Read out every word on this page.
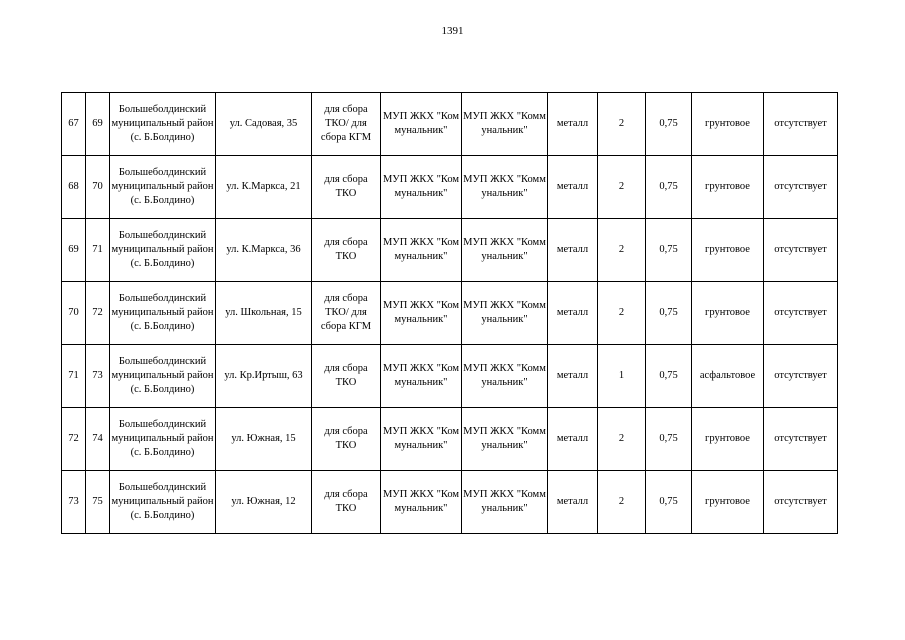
1391
67	69	Большеболдинский муниципальный район (с. Б.Болдино)	ул. Садовая, 35	для сбора ТКО/ для сбора КГМ	МУП ЖКХ "Коммунальник"	МУП ЖКХ "Коммунальник"	металл	2	0,75	грунтовое	отсутствует
68	70	Большеболдинский муниципальный район (с. Б.Болдино)	ул. К.Маркса, 21	для сбора ТКО	МУП ЖКХ "Коммунальник"	МУП ЖКХ "Коммунальник"	металл	2	0,75	грунтовое	отсутствует
69	71	Большеболдинский муниципальный район (с. Б.Болдино)	ул. К.Маркса, 36	для сбора ТКО	МУП ЖКХ "Коммунальник"	МУП ЖКХ "Коммунальник"	металл	2	0,75	грунтовое	отсутствует
70	72	Большеболдинский муниципальный район (с. Б.Болдино)	ул. Школьная, 15	для сбора ТКО/ для сбора КГМ	МУП ЖКХ "Коммунальник"	МУП ЖКХ "Коммунальник"	металл	2	0,75	грунтовое	отсутствует
71	73	Большеболдинский муниципальный район (с. Б.Болдино)	ул. Кр.Иртыш, 63	для сбора ТКО	МУП ЖКХ "Коммунальник"	МУП ЖКХ "Коммунальник"	металл	1	0,75	асфальтовое	отсутствует
72	74	Большеболдинский муниципальный район (с. Б.Болдино)	ул. Южная, 15	для сбора ТКО	МУП ЖКХ "Коммунальник"	МУП ЖКХ "Коммунальник"	металл	2	0,75	грунтовое	отсутствует
73	75	Большеболдинский муниципальный район (с. Б.Болдино)	ул. Южная, 12	для сбора ТКО	МУП ЖКХ "Коммунальник"	МУП ЖКХ "Коммунальник"	металл	2	0,75	грунтовое	отсутствует
